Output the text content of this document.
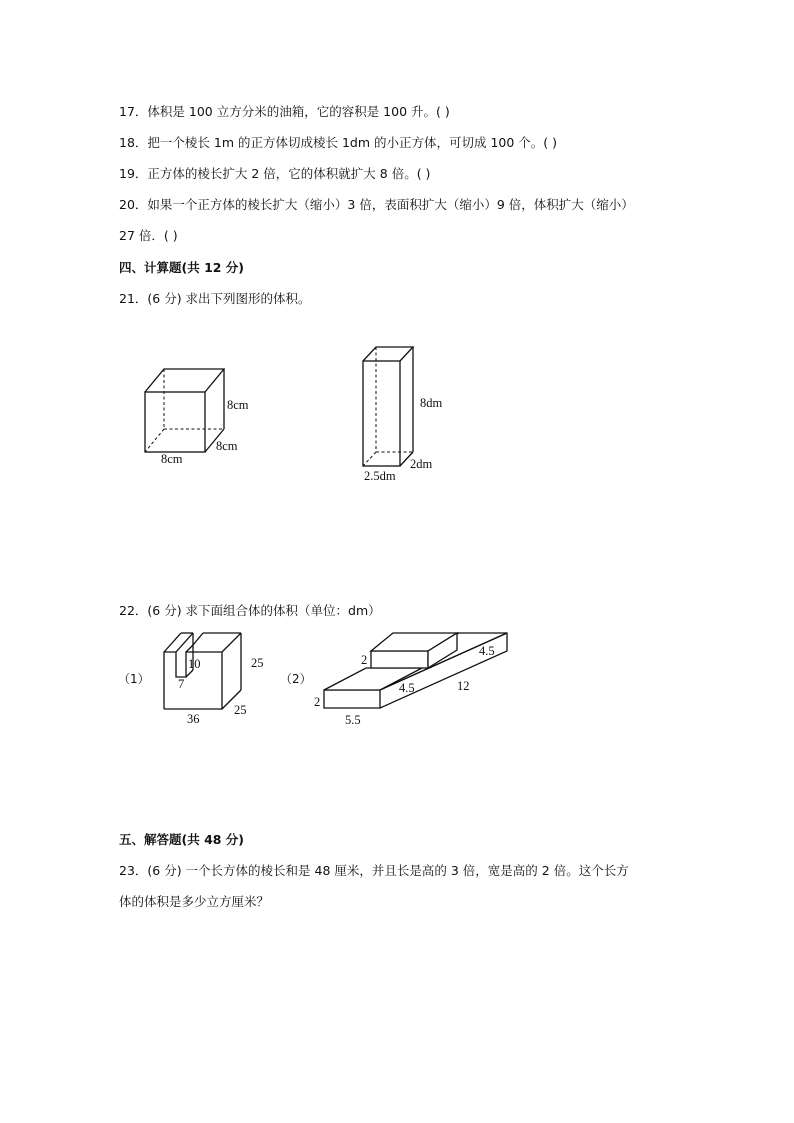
17．体积是 100 立方分米的油箱，它的容积是 100 升。( )
18．把一个棱长 1m 的正方体切成棱长 1dm 的小正方体，可切成 100 个。( )
19．正方体的棱长扩大 2 倍，它的体积就扩大 8 倍。( )
20．如果一个正方体的棱长扩大（缩小）3 倍，表面积扩大（缩小）9 倍，体积扩大（缩小）
27 倍．( )
四、计算题(共 12 分)
21．(6 分) 求出下列图形的体积。
8cm
8cm
8cm
8dm
2dm
2.5dm
22．(6 分) 求下面组合体的体积（单位：dm）
（1）
10
7
25
36
25
（2）
2
4.5
2
4.5	12
5.5
五、解答题(共 48 分)
23．(6 分) 一个长方体的棱长和是 48 厘米，并且长是高的 3 倍，宽是高的 2 倍。这个长方
体的体积是多少立方厘米？
